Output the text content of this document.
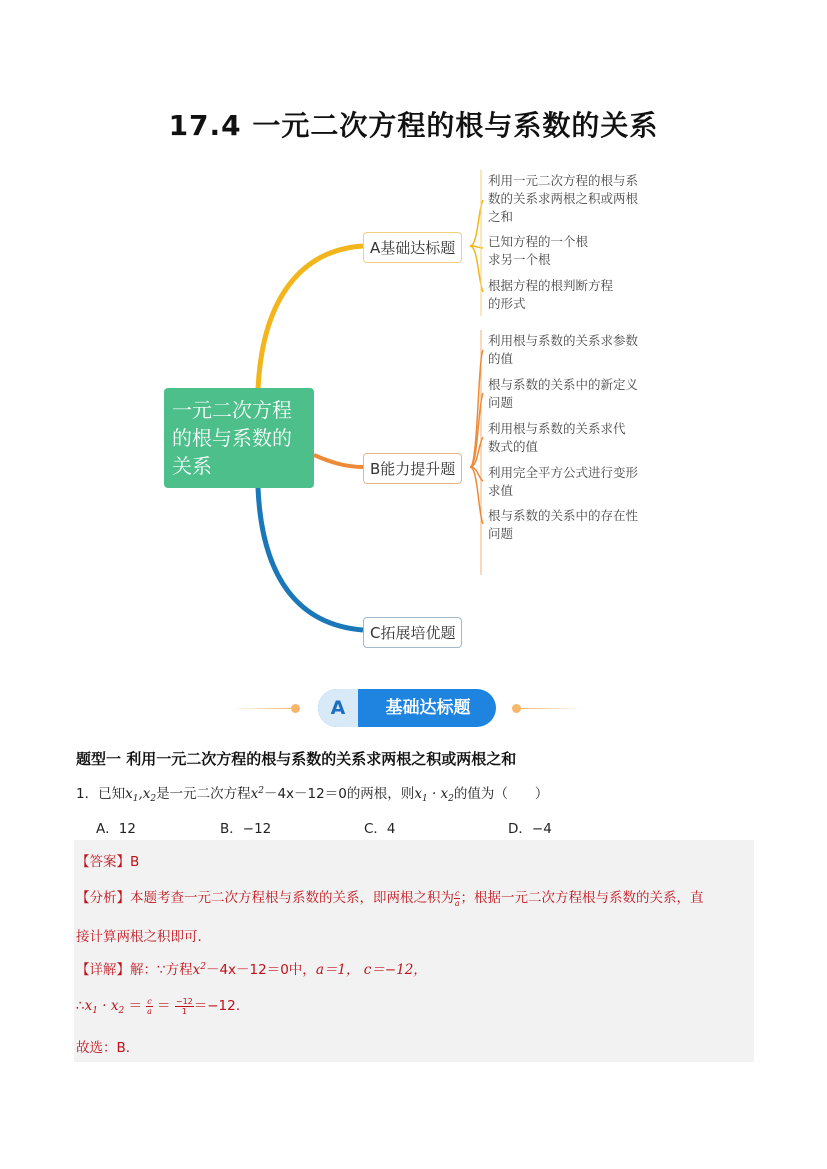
17.4 一元二次方程的根与系数的关系
一元二次方程的根与系数的关系
A基础达标题
B能力提升题
C拓展培优题
利用一元二次方程的根与系数的关系求两根之积或两根之和
已知方程的一个根求另一个根
根据方程的根判断方程的形式
利用根与系数的关系求参数的值
根与系数的关系中的新定义问题
利用根与系数的关系求代数式的值
利用完全平方公式进行变形求值
根与系数的关系中的存在性问题
A	基础达标题
题型一 利用一元二次方程的根与系数的关系求两根之积或两根之和
1．已知$x_1,x_2$是一元二次方程$x^2-4x-12=0$的两根，则$x_1 \cdot x_2$的值为（　　）
A．12	B．−12	C．4	D．−4
【答案】B
【分析】本题考查一元二次方程根与系数的关系，即两根之积为 $\frac{c}{a}$ ；根据一元二次方程根与系数的关系，直
接计算两根之积即可.
【详解】解：∵方程$x^2-4x-12=0$中，a＝1， c＝−12，
$\therefore x_1 \cdot x_2 = \frac{c}{a} = \frac{-12}{1} =-12$.
故选：B.
